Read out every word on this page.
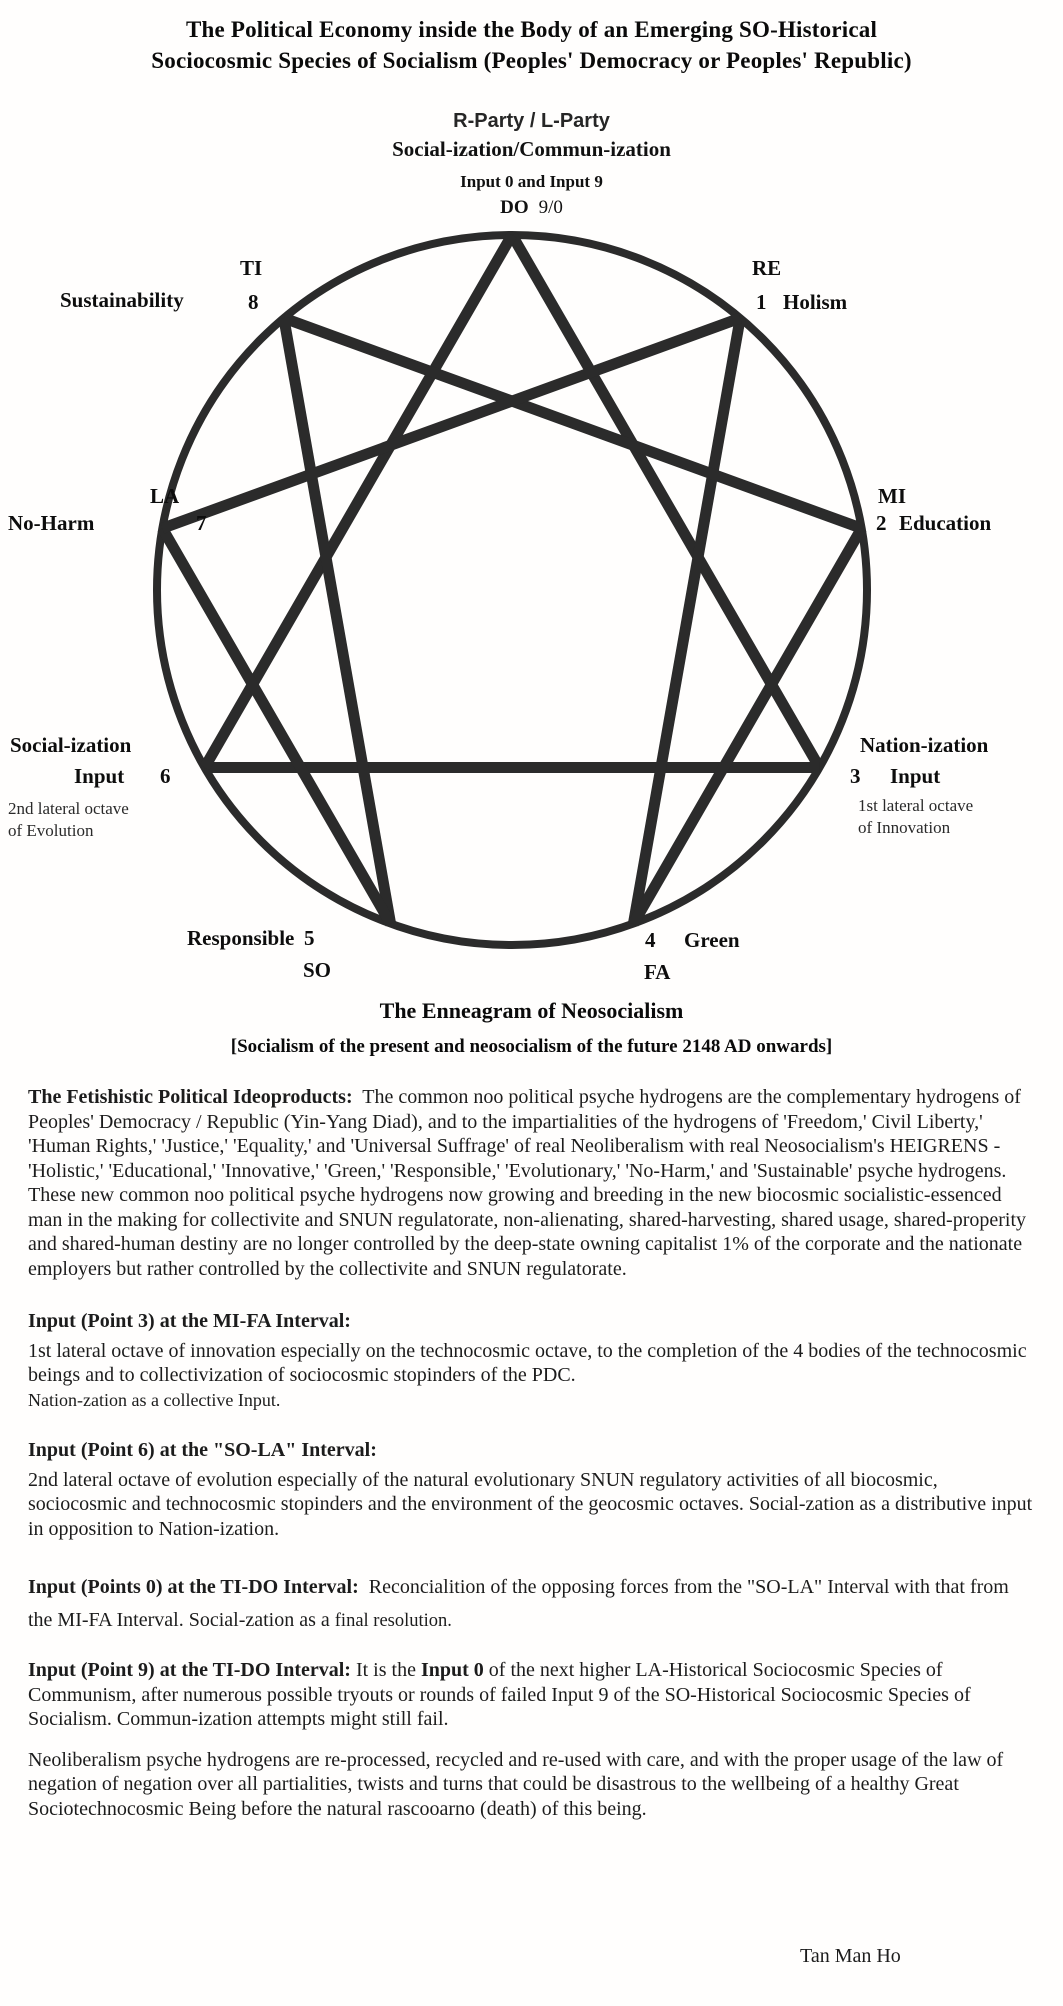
The Political Economy inside the Body of an Emerging SO-Historical
Sociocosmic Species of Socialism (Peoples' Democracy or Peoples' Republic)
R-Party / L-Party
Social-ization/Commun-ization
Input 0 and Input 9
DO 9/0
TI
Sustainability	8
RE
1 Holism
LA
No-Harm	7
MI
2 Education
Social-ization
Input 6
2nd lateral octave
of Evolution
Nation-ization
3 Input
1st lateral octave
of Innovation
Responsible 5
SO
4 Green
FA
The Enneagram of Neosocialism
[Socialism of the present and neosocialism of the future 2148 AD onwards]

The Fetishistic Political Ideoproducts: The common noo political psyche hydrogens are the complementary hydrogens of Peoples' Democracy / Republic (Yin-Yang Diad), and to the impartialities of the hydrogens of 'Freedom,' Civil Liberty,' 'Human Rights,' 'Justice,' 'Equality,' and 'Universal Suffrage' of real Neoliberalism with real Neosocialism's HEIGRENS - 'Holistic,' 'Educational,' 'Innovative,' 'Green,' 'Responsible,' 'Evolutionary,' 'No-Harm,' and 'Sustainable' psyche hydrogens. These new common noo political psyche hydrogens now growing and breeding in the new biocosmic socialistic-essenced man in the making for collectivite and SNUN regulatorate, non-alienating, shared-harvesting, shared usage, shared-properity and shared-human destiny are no longer controlled by the deep-state owning capitalist 1% of the corporate and the nationate employers but rather controlled by the collectivite and SNUN regulatorate.

Input (Point 3) at the MI-FA Interval:

1st lateral octave of innovation especially on the technocosmic octave, to the completion of the 4 bodies of the technocosmic beings and to collectivization of sociocosmic stopinders of the PDC.

Nation-zation as a collective Input.

Input (Point 6) at the "SO-LA" Interval:

2nd lateral octave of evolution especially of the natural evolutionary SNUN regulatory activities of all biocosmic, sociocosmic and technocosmic stopinders and the environment of the geocosmic octaves. Social-zation as a distributive input in opposition to Nation-ization.

Input (Points 0) at the TI-DO Interval: Reconcialition of the opposing forces from the "SO-LA" Interval with that from the MI-FA Interval. Social-zation as a final resolution.

Input (Point 9) at the TI-DO Interval: It is the Input 0 of the next higher LA-Historical Sociocosmic Species of Communism, after numerous possible tryouts or rounds of failed Input 9 of the SO-Historical Sociocosmic Species of Socialism. Commun-ization attempts might still fail.

Neoliberalism psyche hydrogens are re-processed, recycled and re-used with care, and with the proper usage of the law of negation of negation over all partialities, twists and turns that could be disastrous to the wellbeing of a healthy Great Sociotechnocosmic Being before the natural rascooarno (death) of this being.

Tan Man Ho
